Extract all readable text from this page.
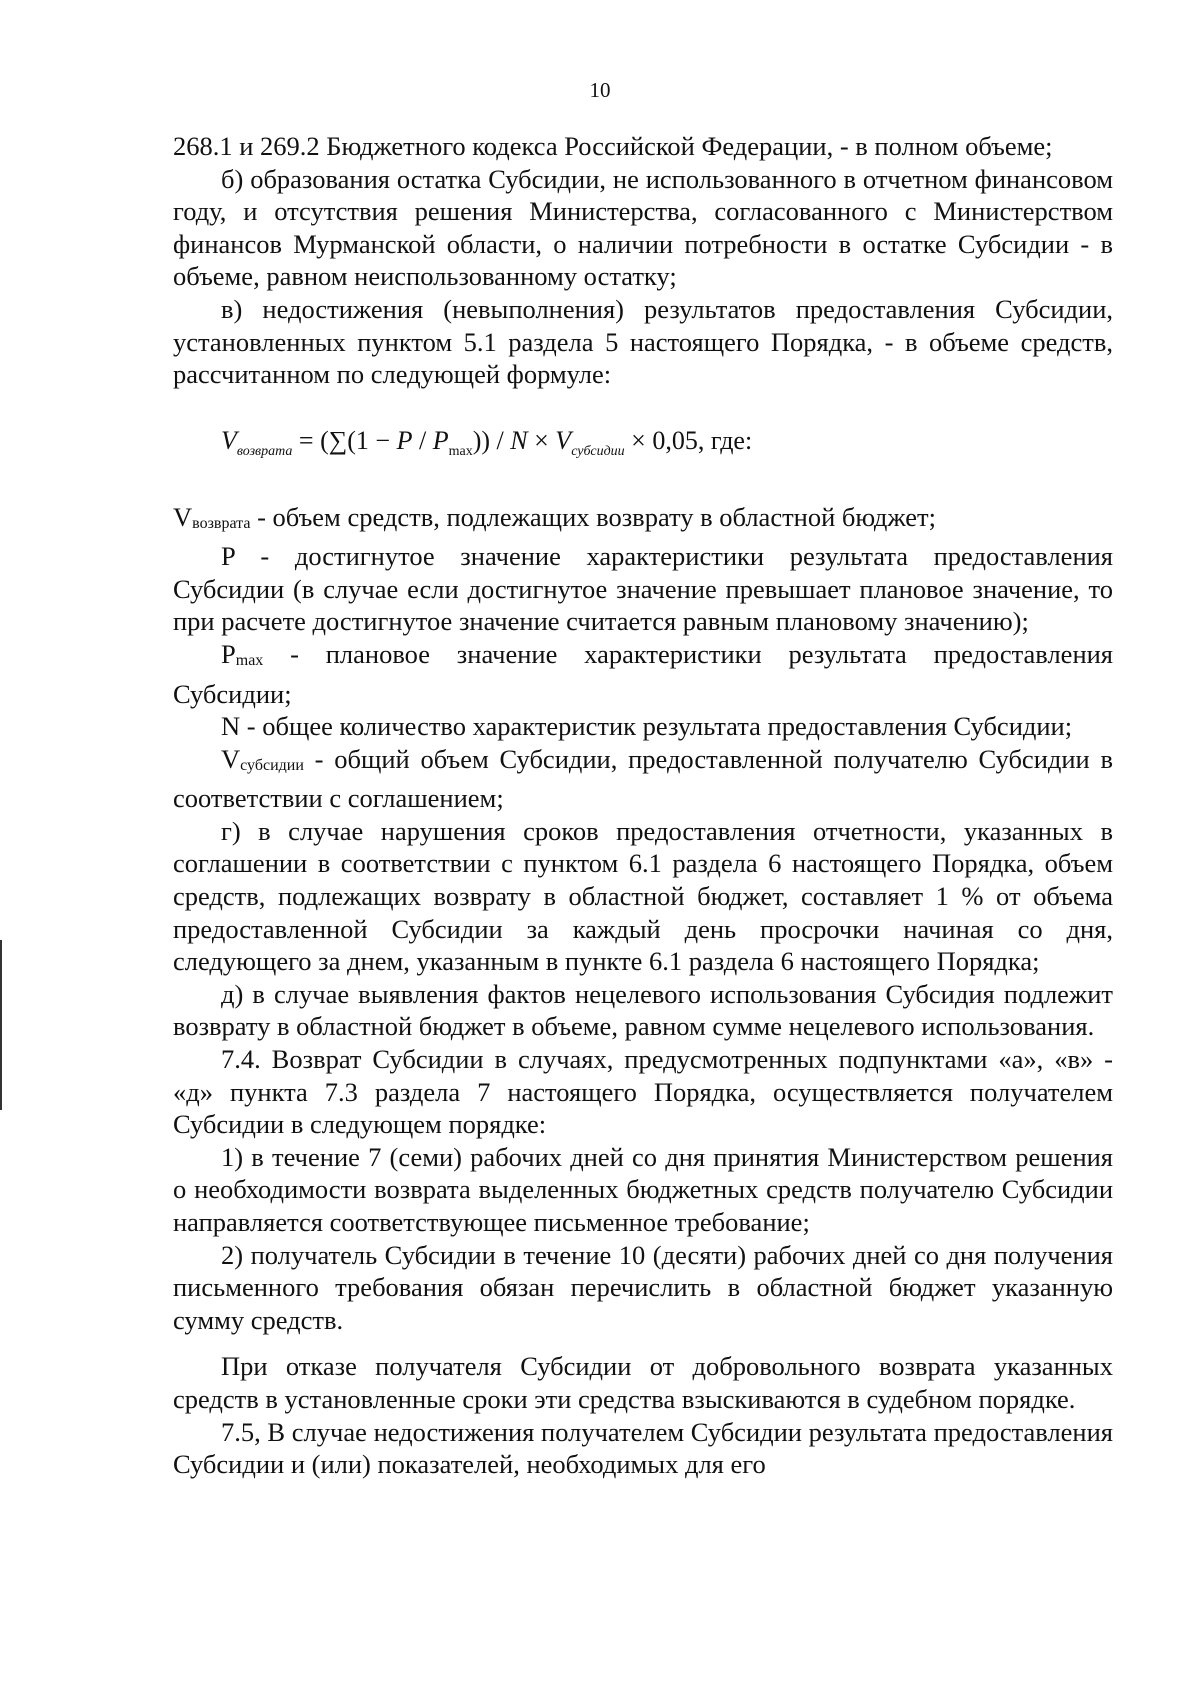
10

268.1 и 269.2 Бюджетного кодекса Российской Федерации, - в полном объеме;

б) образования остатка Субсидии, не использованного в отчетном финансовом году, и отсутствия решения Министерства, согласованного с Министерством финансов Мурманской области, о наличии потребности в остатке Субсидии - в объеме, равном неиспользованному остатку;

в) недостижения (невыполнения) результатов предоставления Субсидии, установленных пунктом 5.1 раздела 5 настоящего Порядка, - в объеме средств, рассчитанном по следующей формуле:

$V_{возврата} = (\sum(1 - P / P_{max})) / N \times V_{субсидии} \times 0,05$, где:

Vвозврата - объем средств, подлежащих возврату в областной бюджет;

P - достигнутое значение характеристики результата предоставления Субсидии (в случае если достигнутое значение превышает плановое значение, то при расчете достигнутое значение считается равным плановому значению);

Pmax - плановое значение характеристики результата предоставления Субсидии;

N - общее количество характеристик результата предоставления Субсидии;

Vсубсидии - общий объем Субсидии, предоставленной получателю Субсидии в соответствии с соглашением;

г) в случае нарушения сроков предоставления отчетности, указанных в соглашении в соответствии с пунктом 6.1 раздела 6 настоящего Порядка, объем средств, подлежащих возврату в областной бюджет, составляет 1 % от объема предоставленной Субсидии за каждый день просрочки начиная со дня, следующего за днем, указанным в пункте 6.1 раздела 6 настоящего Порядка;

д) в случае выявления фактов нецелевого использования Субсидия подлежит возврату в областной бюджет в объеме, равном сумме нецелевого использования.

7.4. Возврат Субсидии в случаях, предусмотренных подпунктами «а», «в» - «д» пункта 7.3 раздела 7 настоящего Порядка, осуществляется получателем Субсидии в следующем порядке:

1) в течение 7 (семи) рабочих дней со дня принятия Министерством решения о необходимости возврата выделенных бюджетных средств получателю Субсидии направляется соответствующее письменное требование;

2) получатель Субсидии в течение 10 (десяти) рабочих дней со дня получения письменного требования обязан перечислить в областной бюджет указанную сумму средств.

При отказе получателя Субсидии от добровольного возврата указанных средств в установленные сроки эти средства взыскиваются в судебном порядке.

7.5, В случае недостижения получателем Субсидии результата предоставления Субсидии и (или) показателей, необходимых для его
